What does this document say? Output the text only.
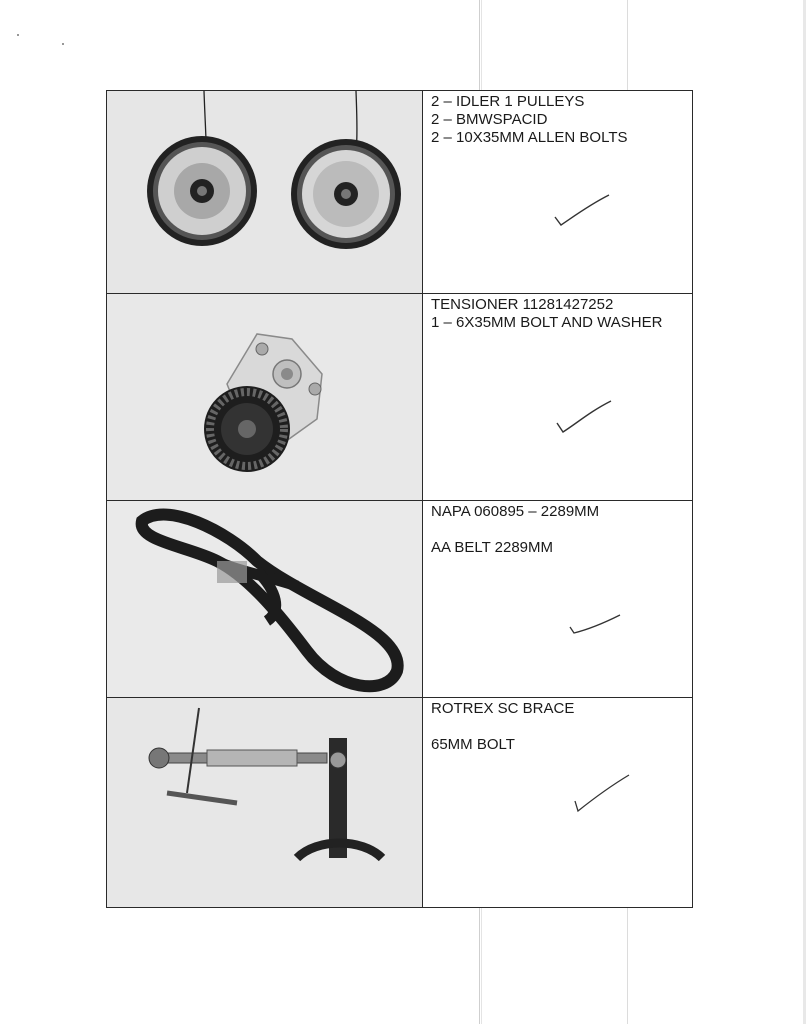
2 – IDLER 1 PULLEYS
2 – BMWSPACID
2 – 10X35MM ALLEN BOLTS

TENSIONER 11281427252
1 – 6X35MM BOLT AND WASHER

NAPA 060895 – 2289MM
AA BELT 2289MM

ROTREX SC BRACE
65MM BOLT
